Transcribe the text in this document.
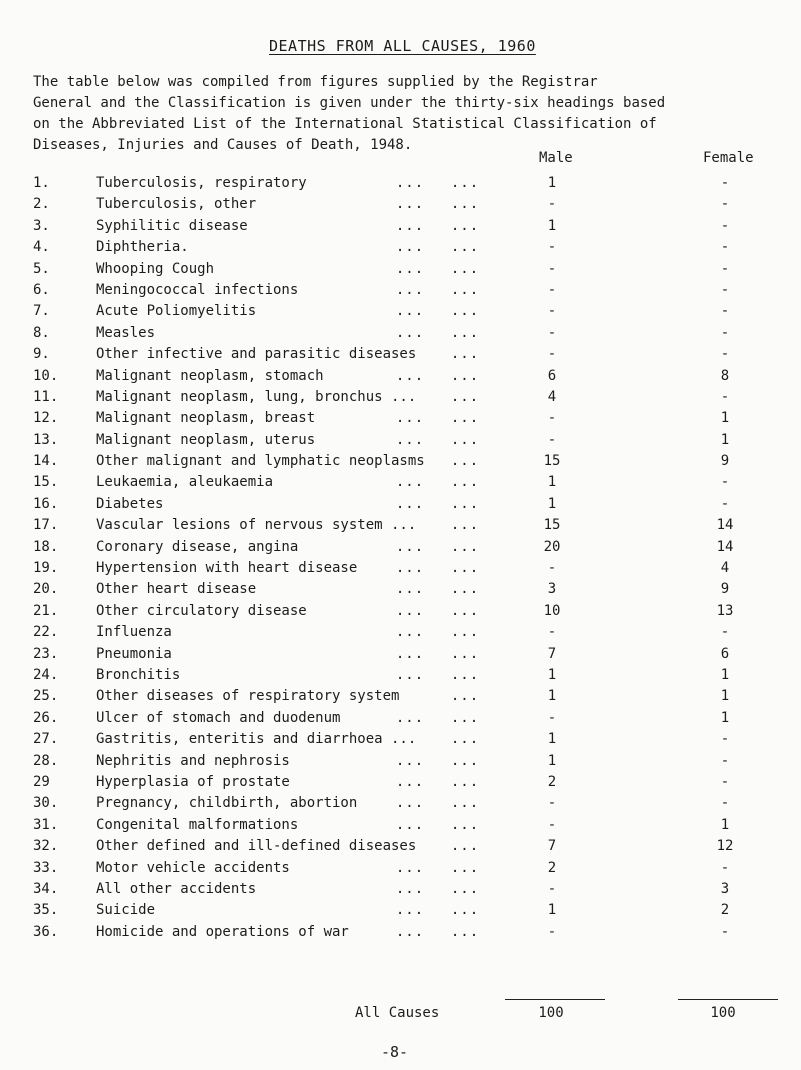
DEATHS FROM ALL CAUSES, 1960
The table below was compiled from figures supplied by the Registrar
General and the Classification is given under the thirty-six headings based
on the Abbreviated List of the International Statistical Classification of
Diseases, Injuries and Causes of Death, 1948.
Male	Female
1.	Tuberculosis, respiratory	... ...	1	-
2.	Tuberculosis, other	... ...	-	-
3.	Syphilitic disease	... ...	1	-
4.	Diphtheria.	... ...	-	-
5.	Whooping Cough	... ...	-	-
6.	Meningococcal infections	... ...	-	-
7.	Acute Poliomyelitis	... ...	-	-
8.	Measles	... ...	-	-
9.	Other infective and parasitic diseases ...	-	-
10.	Malignant neoplasm, stomach	... ...	6	8
11.	Malignant neoplasm, lung, bronchus ... ...	4	-
12.	Malignant neoplasm, breast	... ...	-	1
13.	Malignant neoplasm, uterus	... ...	-	1
14.	Other malignant and lymphatic neoplasms ...	15	9
15.	Leukaemia, aleukaemia	... ...	1	-
16.	Diabetes	... ...	1	-
17.	Vascular lesions of nervous system ... ...	15	14
18.	Coronary disease, angina	... ...	20	14
19.	Hypertension with heart disease	... ...	-	4
20.	Other heart disease	... ...	3	9
21.	Other circulatory disease	... ...	10	13
22.	Influenza	... ...	-	-
23.	Pneumonia	... ...	7	6
24.	Bronchitis	... ...	1	1
25.	Other diseases of respiratory system	...	1	1
26.	Ulcer of stomach and duodenum	... ...	-	1
27.	Gastritis, enteritis and diarrhoea ... ...	1	-
28.	Nephritis and nephrosis	... ...	1	-
29	Hyperplasia of prostate	... ...	2	-
30.	Pregnancy, childbirth, abortion	... ...	-	-
31.	Congenital malformations	... ...	-	1
32.	Other defined and ill-defined diseases ...	7	12
33.	Motor vehicle accidents	... ...	2	-
34.	All other accidents	... ...	-	3
35.	Suicide	... ...	1	2
36.	Homicide and operations of war	... ...	-	-
All Causes	100	100
-8-
